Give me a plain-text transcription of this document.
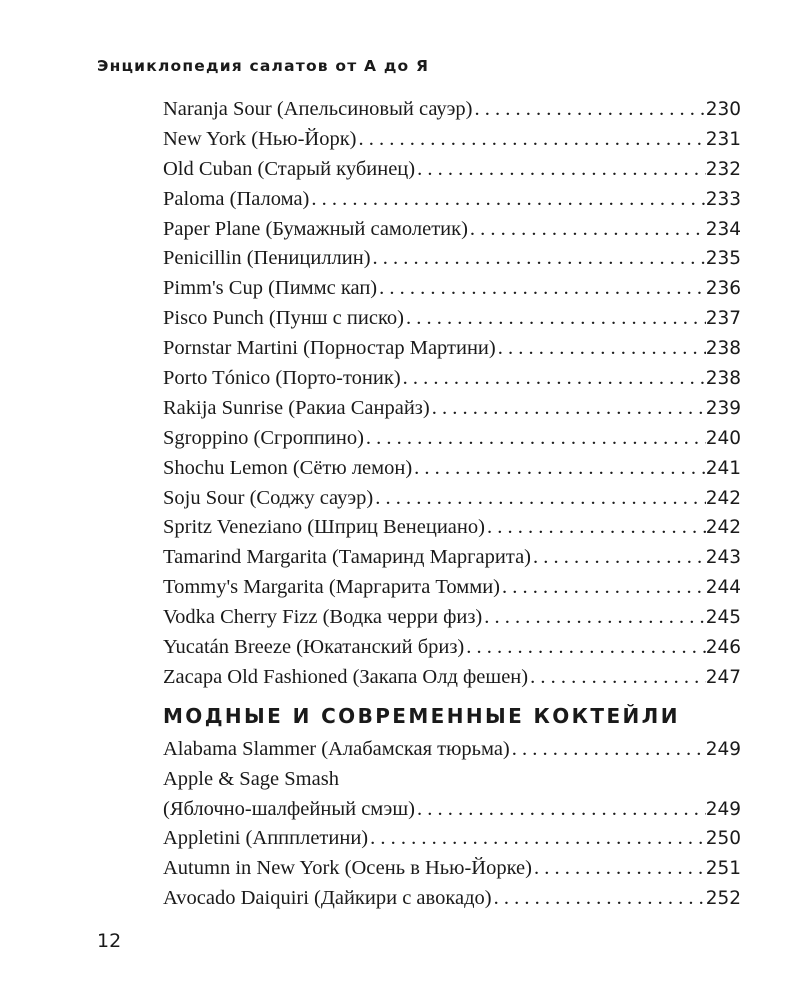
Энциклопедия салатов от А до Я
Naranja Sour (Апельсиновый сауэр) . . .	230
New York (Нью-Йорк) . . .	231
Old Cuban (Старый кубинец) . . .	232
Paloma (Палома) . . .	233
Paper Plane (Бумажный самолетик) . . .	234
Penicillin (Пенициллин) . . .	235
Pimm's Cup (Пиммс кап) . . .	236
Pisco Punch (Пунш с писко) . . .	237
Pornstar Martini (Порностар Мартини) . . .	238
Porto Tónico (Порто-тоник) . . .	238
Rakija Sunrise (Ракиа Санрайз) . . .	239
Sgroppino (Сгроппино) . . .	240
Shochu Lemon (Сётю лемон) . . .	241
Soju Sour (Соджу сауэр) . . .	242
Spritz Veneziano (Шприц Венециано) . . .	242
Tamarind Margarita (Тамаринд Маргарита) . . .	243
Tommy's Margarita (Маргарита Томми) . . .	244
Vodka Cherry Fizz (Водка черри физ) . . .	245
Yucatán Breeze (Юкатанский бриз) . . .	246
Zacapa Old Fashioned (Закапа Олд фешен) . . .	247
МОДНЫЕ И СОВРЕМЕННЫЕ КОКТЕЙЛИ
Alabama Slammer (Алабамская тюрьма) . . .	249
Apple & Sage Smash
(Яблочно-шалфейный смэш) . . .	249
Appletini (Аппплетини) . . .	250
Autumn in New York (Осень в Нью-Йорке) . . .	251
Avocado Daiquiri (Дайкири с авокадо) . . .	252
12
